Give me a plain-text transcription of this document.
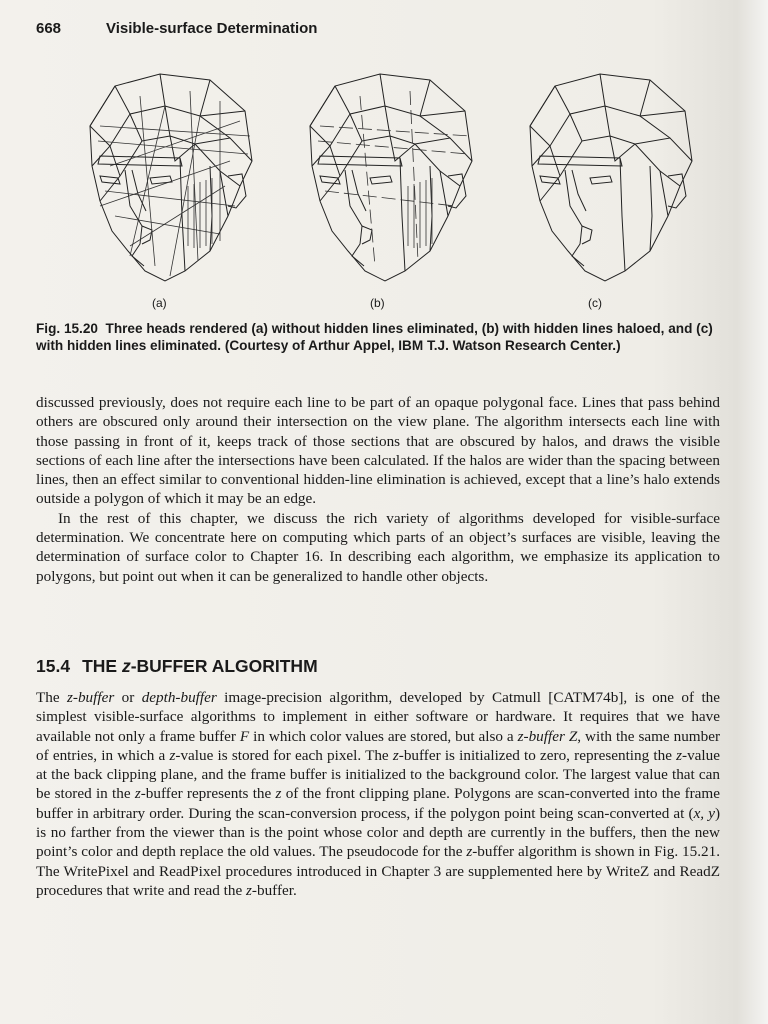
668	Visible-surface Determination
(a)	(b)	(c)
Fig. 15.20 Three heads rendered (a) without hidden lines eliminated, (b) with hidden lines haloed, and (c) with hidden lines eliminated. (Courtesy of Arthur Appel, IBM T.J. Watson Research Center.)

discussed previously, does not require each line to be part of an opaque polygonal face. Lines that pass behind others are obscured only around their intersection on the view plane. The algorithm intersects each line with those passing in front of it, keeps track of those sections that are obscured by halos, and draws the visible sections of each line after the intersections have been calculated. If the halos are wider than the spacing between lines, then an effect similar to conventional hidden-line elimination is achieved, except that a line’s halo extends outside a polygon of which it may be an edge.

In the rest of this chapter, we discuss the rich variety of algorithms developed for visible-surface determination. We concentrate here on computing which parts of an object’s surfaces are visible, leaving the determination of surface color to Chapter 16. In describing each algorithm, we emphasize its application to polygons, but point out when it can be generalized to handle other objects.

15.4 THE z-BUFFER ALGORITHM

The z-buffer or depth-buffer image-precision algorithm, developed by Catmull [CATM74b], is one of the simplest visible-surface algorithms to implement in either software or hardware. It requires that we have available not only a frame buffer F in which color values are stored, but also a z-buffer Z, with the same number of entries, in which a z-value is stored for each pixel. The z-buffer is initialized to zero, representing the z-value at the back clipping plane, and the frame buffer is initialized to the background color. The largest value that can be stored in the z-buffer represents the z of the front clipping plane. Polygons are scan-converted into the frame buffer in arbitrary order. During the scan-conversion process, if the polygon point being scan-converted at (x, y) is no farther from the viewer than is the point whose color and depth are currently in the buffers, then the new point’s color and depth replace the old values. The pseudocode for the z-buffer algorithm is shown in Fig. 15.21. The WritePixel and ReadPixel procedures introduced in Chapter 3 are supplemented here by WriteZ and ReadZ procedures that write and read the z-buffer.
